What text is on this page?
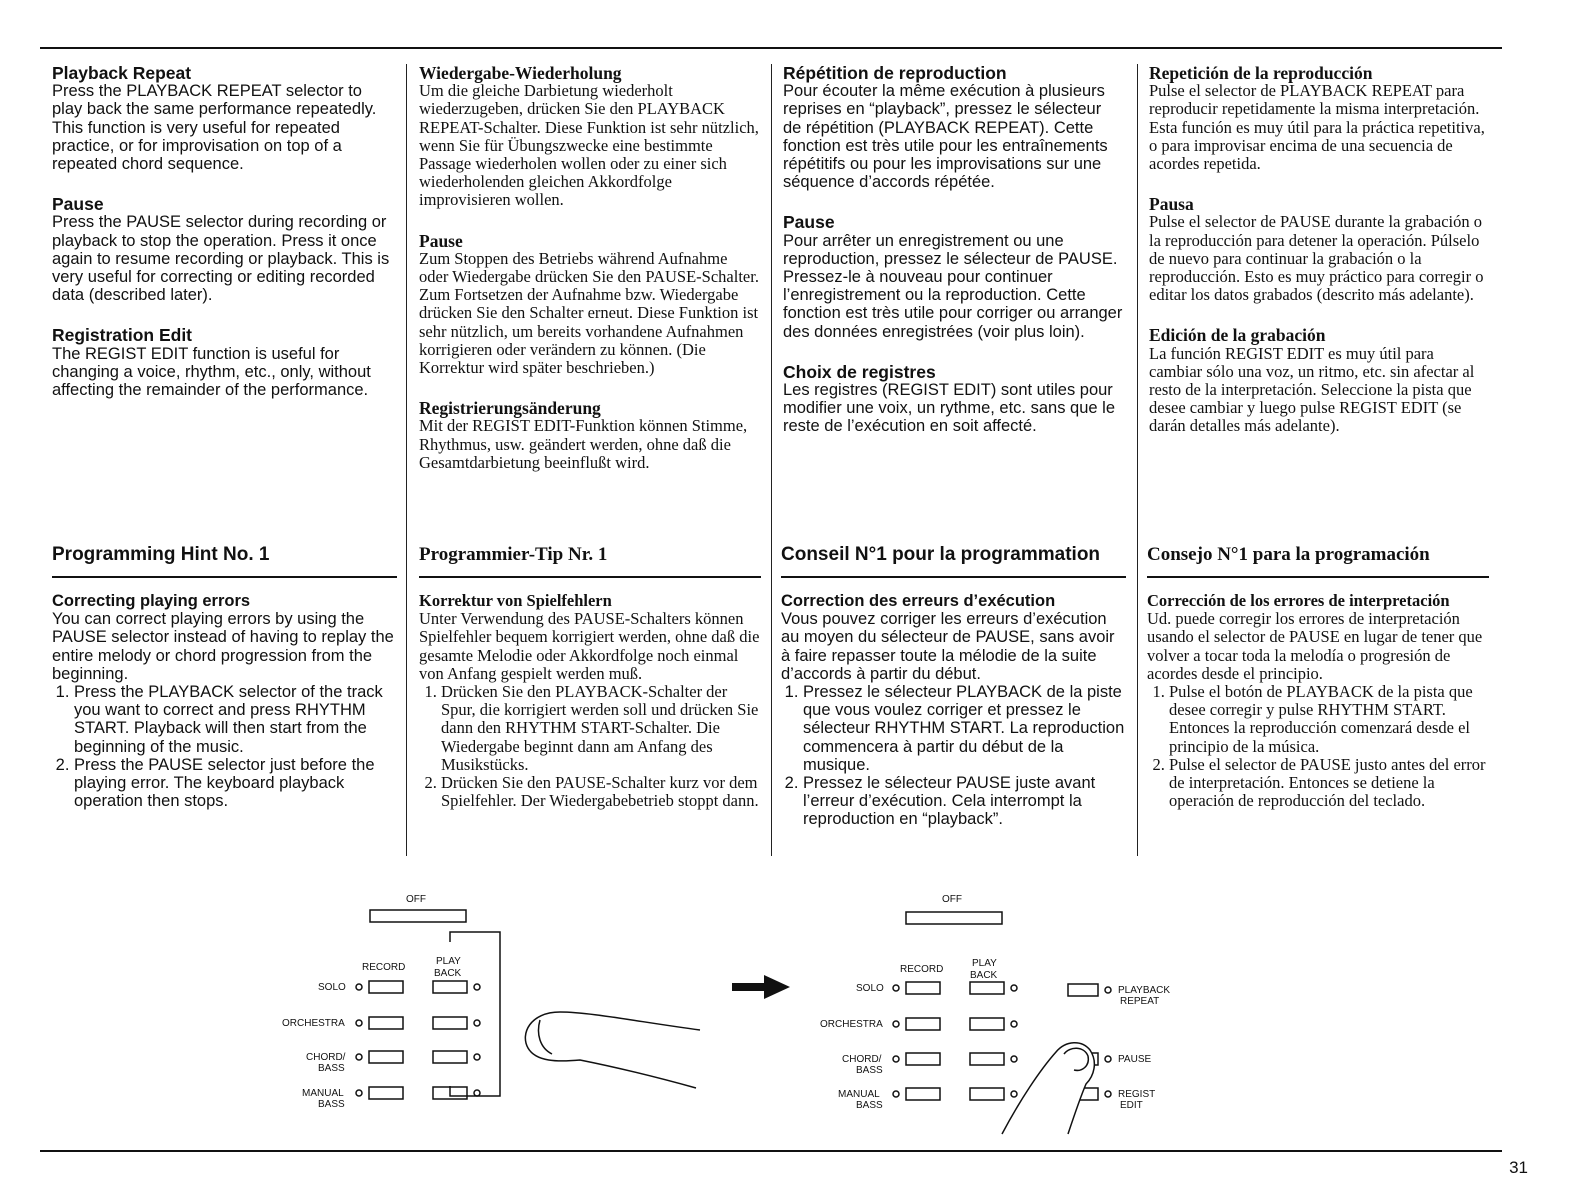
Playback Repeat
Press the PLAYBACK REPEAT selector to play back the same performance repeatedly. This function is very useful for repeated practice, or for improvisation on top of a repeated chord sequence.
Pause
Press the PAUSE selector during recording or playback to stop the operation. Press it once again to resume recording or playback. This is very useful for correcting or editing recorded data (described later).
Registration Edit
The REGIST EDIT function is useful for changing a voice, rhythm, etc., only, without affecting the remainder of the performance.
Wiedergabe-Wiederholung
Um die gleiche Darbietung wiederholt wiederzugeben, drücken Sie den PLAYBACK REPEAT-Schalter. Diese Funktion ist sehr nützlich, wenn Sie für Übungszwecke eine bestimmte Passage wiederholen wollen oder zu einer sich wiederholenden gleichen Akkordfolge improvisieren wollen.
Pause
Zum Stoppen des Betriebs während Aufnahme oder Wiedergabe drücken Sie den PAUSE-Schalter. Zum Fortsetzen der Aufnahme bzw. Wiedergabe drücken Sie den Schalter erneut. Diese Funktion ist sehr nützlich, um bereits vorhandene Aufnahmen korrigieren oder verändern zu können. (Die Korrektur wird später beschrieben.)
Registrierungsänderung
Mit der REGIST EDIT-Funktion können Stimme, Rhythmus, usw. geändert werden, ohne daß die Gesamtdarbietung beeinflußt wird.
Répétition de reproduction
Pour écouter la même exécution à plusieurs reprises en “playback”, pressez le sélecteur de répétition (PLAYBACK REPEAT). Cette fonction est très utile pour les entraînements répétitifs ou pour les improvisations sur une séquence d’accords répétée.
Pause
Pour arrêter un enregistrement ou une reproduction, pressez le sélecteur de PAUSE. Pressez-le à nouveau pour continuer l’enregistrement ou la reproduction. Cette fonction est très utile pour corriger ou arranger des données enregistrées (voir plus loin).
Choix de registres
Les registres (REGIST EDIT) sont utiles pour modifier une voix, un rythme, etc. sans que le reste de l’exécution en soit affecté.
Repetición de la reproducción
Pulse el selector de PLAYBACK REPEAT para reproducir repetidamente la misma interpretación. Esta función es muy útil para la práctica repetitiva, o para improvisar encima de una secuencia de acordes repetida.
Pausa
Pulse el selector de PAUSE durante la grabación o la reproducción para detener la operación. Púlselo de nuevo para continuar la grabación o la reproducción. Esto es muy práctico para corregir o editar los datos grabados (descrito más adelante).
Edición de la grabación
La función REGIST EDIT es muy útil para cambiar sólo una voz, un ritmo, etc. sin afectar al resto de la interpretación. Seleccione la pista que desee cambiar y luego pulse REGIST EDIT (se darán detalles más adelante).
Programming Hint No. 1
Correcting playing errors
You can correct playing errors by using the PAUSE selector instead of having to replay the entire melody or chord progression from the beginning.
1. Press the PLAYBACK selector of the track you want to correct and press RHYTHM START. Playback will then start from the beginning of the music.
2. Press the PAUSE selector just before the playing error. The keyboard playback operation then stops.
Programmier-Tip Nr. 1
Korrektur von Spielfehlern
Unter Verwendung des PAUSE-Schalters können Spielfehler bequem korrigiert werden, ohne daß die gesamte Melodie oder Akkordfolge noch einmal von Anfang gespielt werden muß.
1. Drücken Sie den PLAYBACK-Schalter der Spur, die korrigiert werden soll und drücken Sie dann den RHYTHM START-Schalter. Die Wiedergabe beginnt dann am Anfang des Musikstücks.
2. Drücken Sie den PAUSE-Schalter kurz vor dem Spielfehler. Der Wiedergabebetrieb stoppt dann.
Conseil N°1 pour la programmation
Correction des erreurs d’exécution
Vous pouvez corriger les erreurs d’exécution au moyen du sélecteur de PAUSE, sans avoir à faire repasser toute la mélodie de la suite d’accords à partir du début.
1. Pressez le sélecteur PLAYBACK de la piste que vous voulez corriger et pressez le sélecteur RHYTHM START. La reproduction commencera à partir du début de la musique.
2. Pressez le sélecteur PAUSE juste avant l’erreur d’exécution. Cela interrompt la reproduction en “playback”.
Consejo N°1 para la programación
Corrección de los errores de interpretación
Ud. puede corregir los errores de interpretación usando el selector de PAUSE en lugar de tener que volver a tocar toda la melodía o progresión de acordes desde el principio.
1. Pulse el botón de PLAYBACK de la pista que desee corregir y pulse RHYTHM START. Entonces la reproducción comenzará desde el principio de la música.
2. Pulse el selector de PAUSE justo antes del error de interpretación. Entonces se detiene la operación de reproducción del teclado.
OFF
RECORD
PLAY
BACK
SOLO
ORCHESTRA
CHORD/
BASS
MANUAL
BASS
OFF
RECORD
PLAY
BACK
SOLO
ORCHESTRA
CHORD/
BASS
MANUAL
BASS
PLAYBACK
REPEAT
PAUSE
REGIST
EDIT
31
